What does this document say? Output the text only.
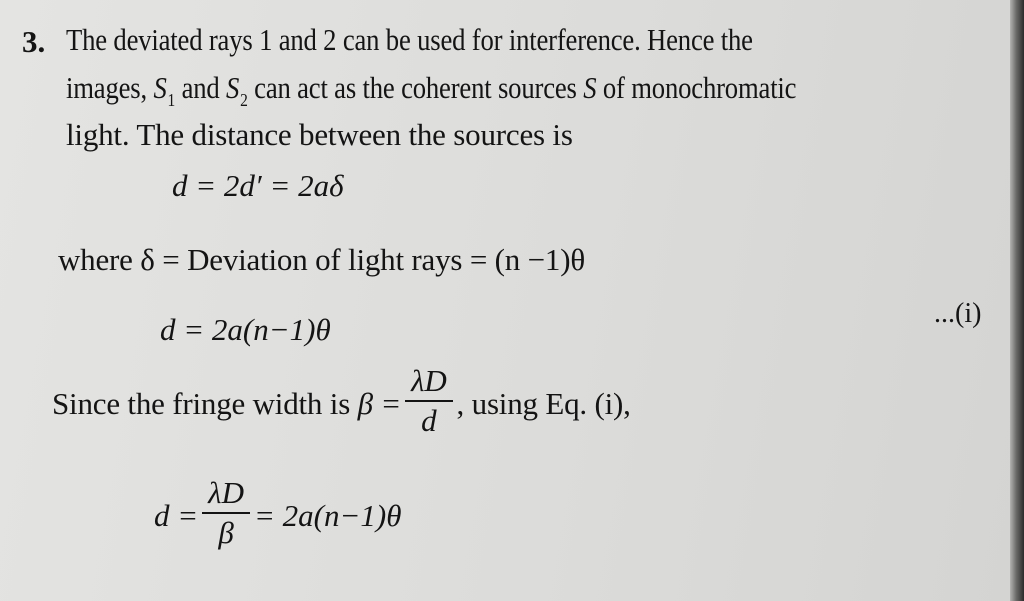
3. The deviated rays 1 and 2 can be used for interference. Hence the
images, $S_1$ and $S_2$ can act as the coherent sources S of monochromatic
light. The distance between the sources is
d = 2d′ = 2aδ
where δ = Deviation of light rays = (n −1)θ
d = 2a(n−1)θ	...(i)
Since the fringe width is $\beta = \frac{\lambda D}{d}$ , using Eq. (i),
$d = \frac{\lambda D}{\beta} = 2a(n-1)\theta$
